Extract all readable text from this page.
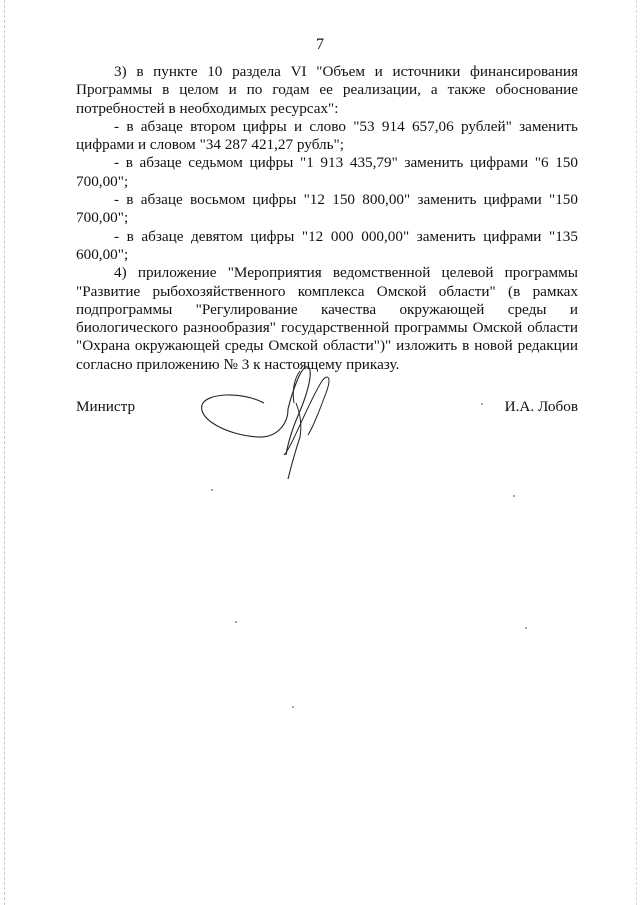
7

3) в пункте 10 раздела VI "Объем и источники финансирования Программы в целом и по годам ее реализации, а также обоснование потребностей в необходимых ресурсах":

- в абзаце втором цифры и слово "53 914 657,06 рублей" заменить цифрами и словом "34 287 421,27 рубль";

- в абзаце седьмом цифры "1 913 435,79" заменить цифрами "6 150 700,00";

- в абзаце восьмом цифры "12 150 800,00" заменить цифрами "150 700,00";

- в абзаце девятом цифры "12 000 000,00" заменить цифрами "135 600,00";

4) приложение "Мероприятия ведомственной целевой программы "Развитие рыбохозяйственного комплекса Омской области" (в рамках подпрограммы "Регулирование качества окружающей среды и биологического разнообразия" государственной программы Омской области "Охрана окружающей среды Омской области")" изложить в новой редакции согласно приложению № 3 к настоящему приказу.

Министр	И.А. Лобов
